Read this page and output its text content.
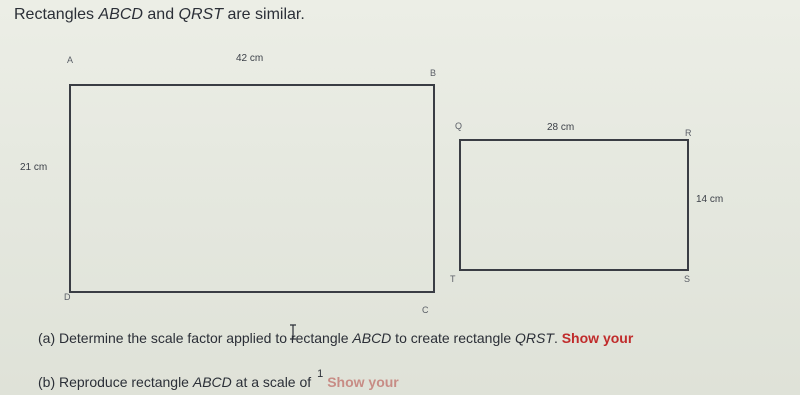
Rectangles ABCD and QRST are similar.
A
B
C
D
42 cm
21 cm
Q
R
S
T
28 cm
14 cm
(a) Determine the scale factor applied to rectangle ABCD to create rectangle QRST. Show your
(b) Reproduce rectangle ABCD at a scale of 1 Show your
